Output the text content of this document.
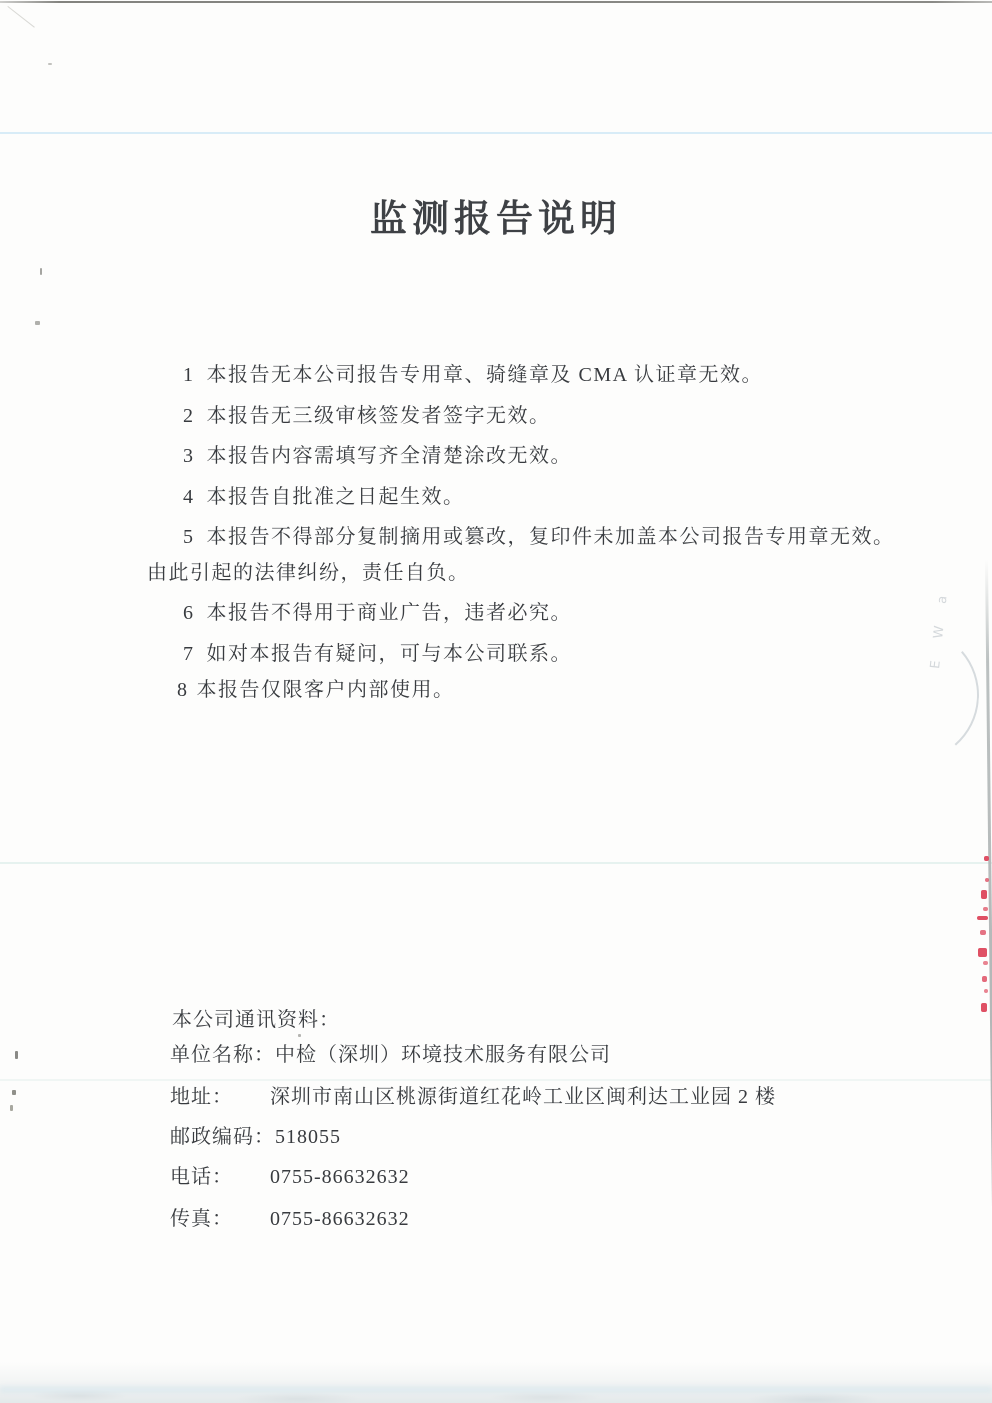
E W a
监测报告说明
1 本报告无本公司报告专用章、骑缝章及 CMA 认证章无效。
2 本报告无三级审核签发者签字无效。
3 本报告内容需填写齐全清楚涂改无效。
4 本报告自批准之日起生效。
5 本报告不得部分复制摘用或篡改，复印件未加盖本公司报告专用章无效。
由此引起的法律纠纷，责任自负。
6 本报告不得用于商业广告，违者必究。
7 如对本报告有疑问，可与本公司联系。
8 本报告仅限客户内部使用。
本公司通讯资料：
单位名称：中检（深圳）环境技术服务有限公司
地址： 深圳市南山区桃源街道红花岭工业区闽利达工业园 2 楼
邮政编码：518055
电话： 0755-86632632
传真： 0755-86632632
